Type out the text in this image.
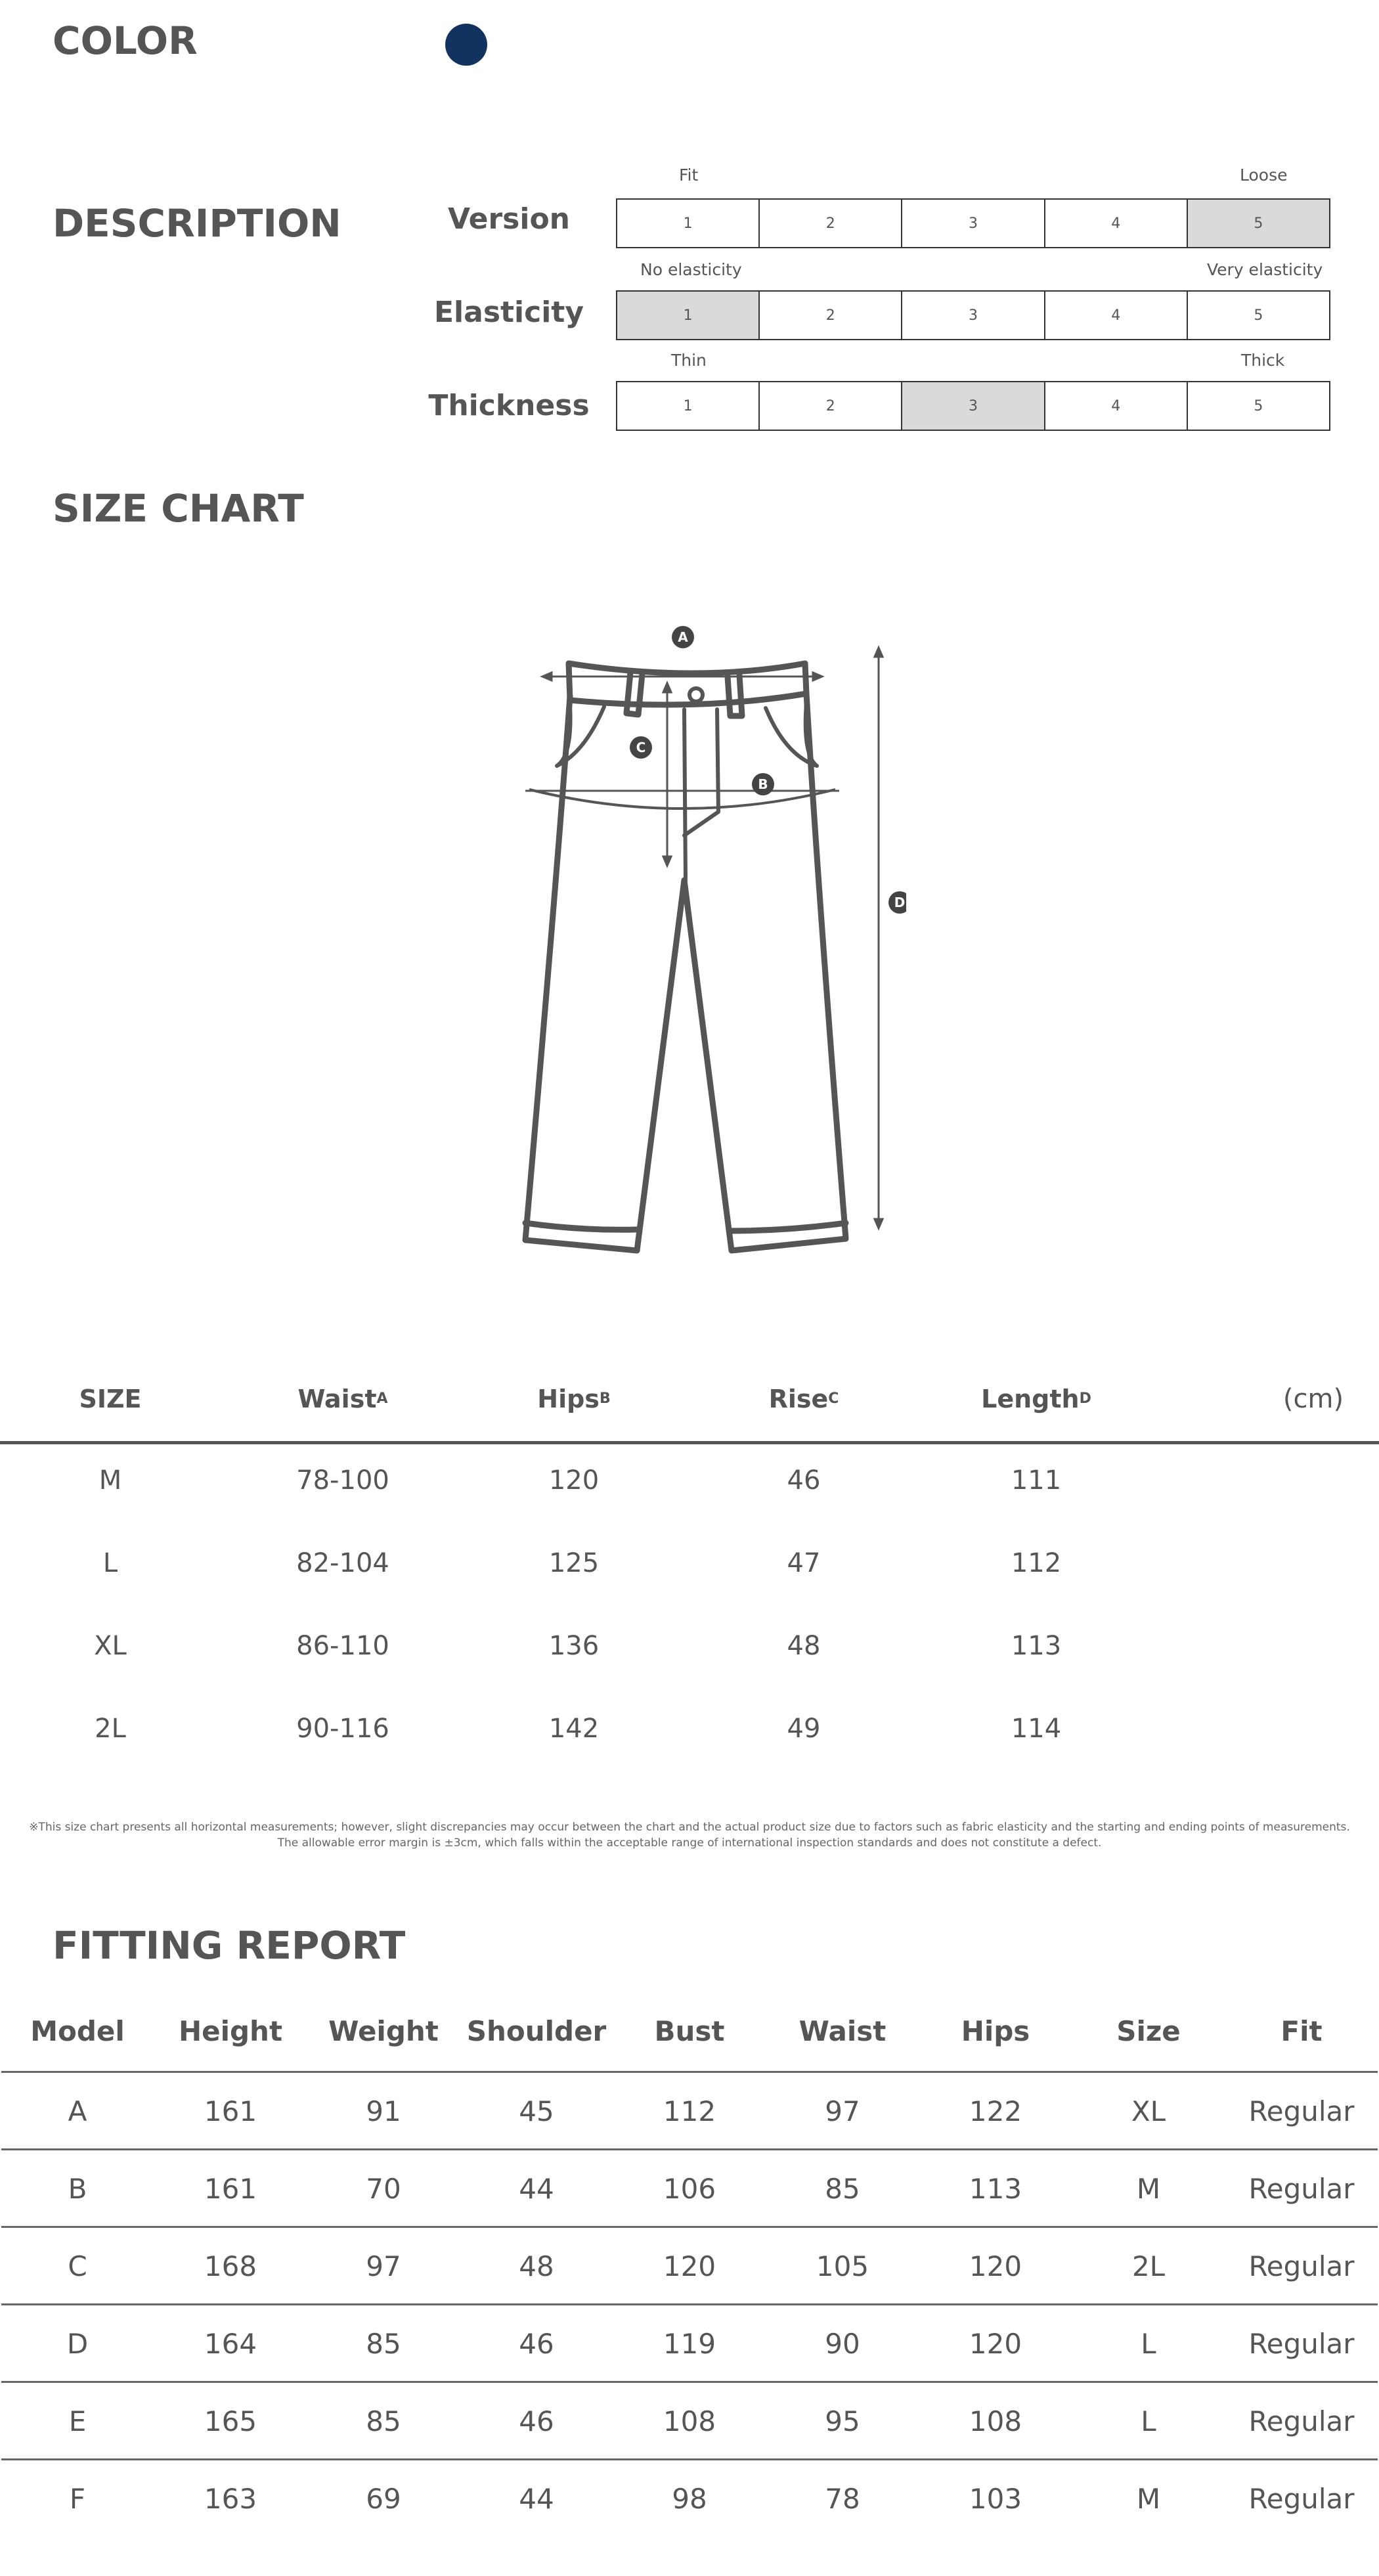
COLOR
DESCRIPTION
Fit	Loose
Version	1	2	3	4	5
No elasticity	Very elasticity
Elasticity	1	2	3	4	5
Thin	Thick
Thickness	1	2	3	4	5
SIZE CHART
A
B
C
D
SIZE	Waist A	Hips B	Rise C	Length D	(cm)
M	78-100	120	46	111
L	82-104	125	47	112
XL	86-110	136	48	113
2L	90-116	142	49	114
※This size chart presents all horizontal measurements; however, slight discrepancies may occur between the chart and the actual product size due to factors such as fabric elasticity and the starting and ending points of measurements.
The allowable error margin is ±3cm, which falls within the acceptable range of international inspection standards and does not constitute a defect.
FITTING REPORT
Model	Height	Weight	Shoulder	Bust	Waist	Hips	Size	Fit
A	161	91	45	112	97	122	XL	Regular
B	161	70	44	106	85	113	M	Regular
C	168	97	48	120	105	120	2L	Regular
D	164	85	46	119	90	120	L	Regular
E	165	85	46	108	95	108	L	Regular
F	163	69	44	98	78	103	M	Regular
